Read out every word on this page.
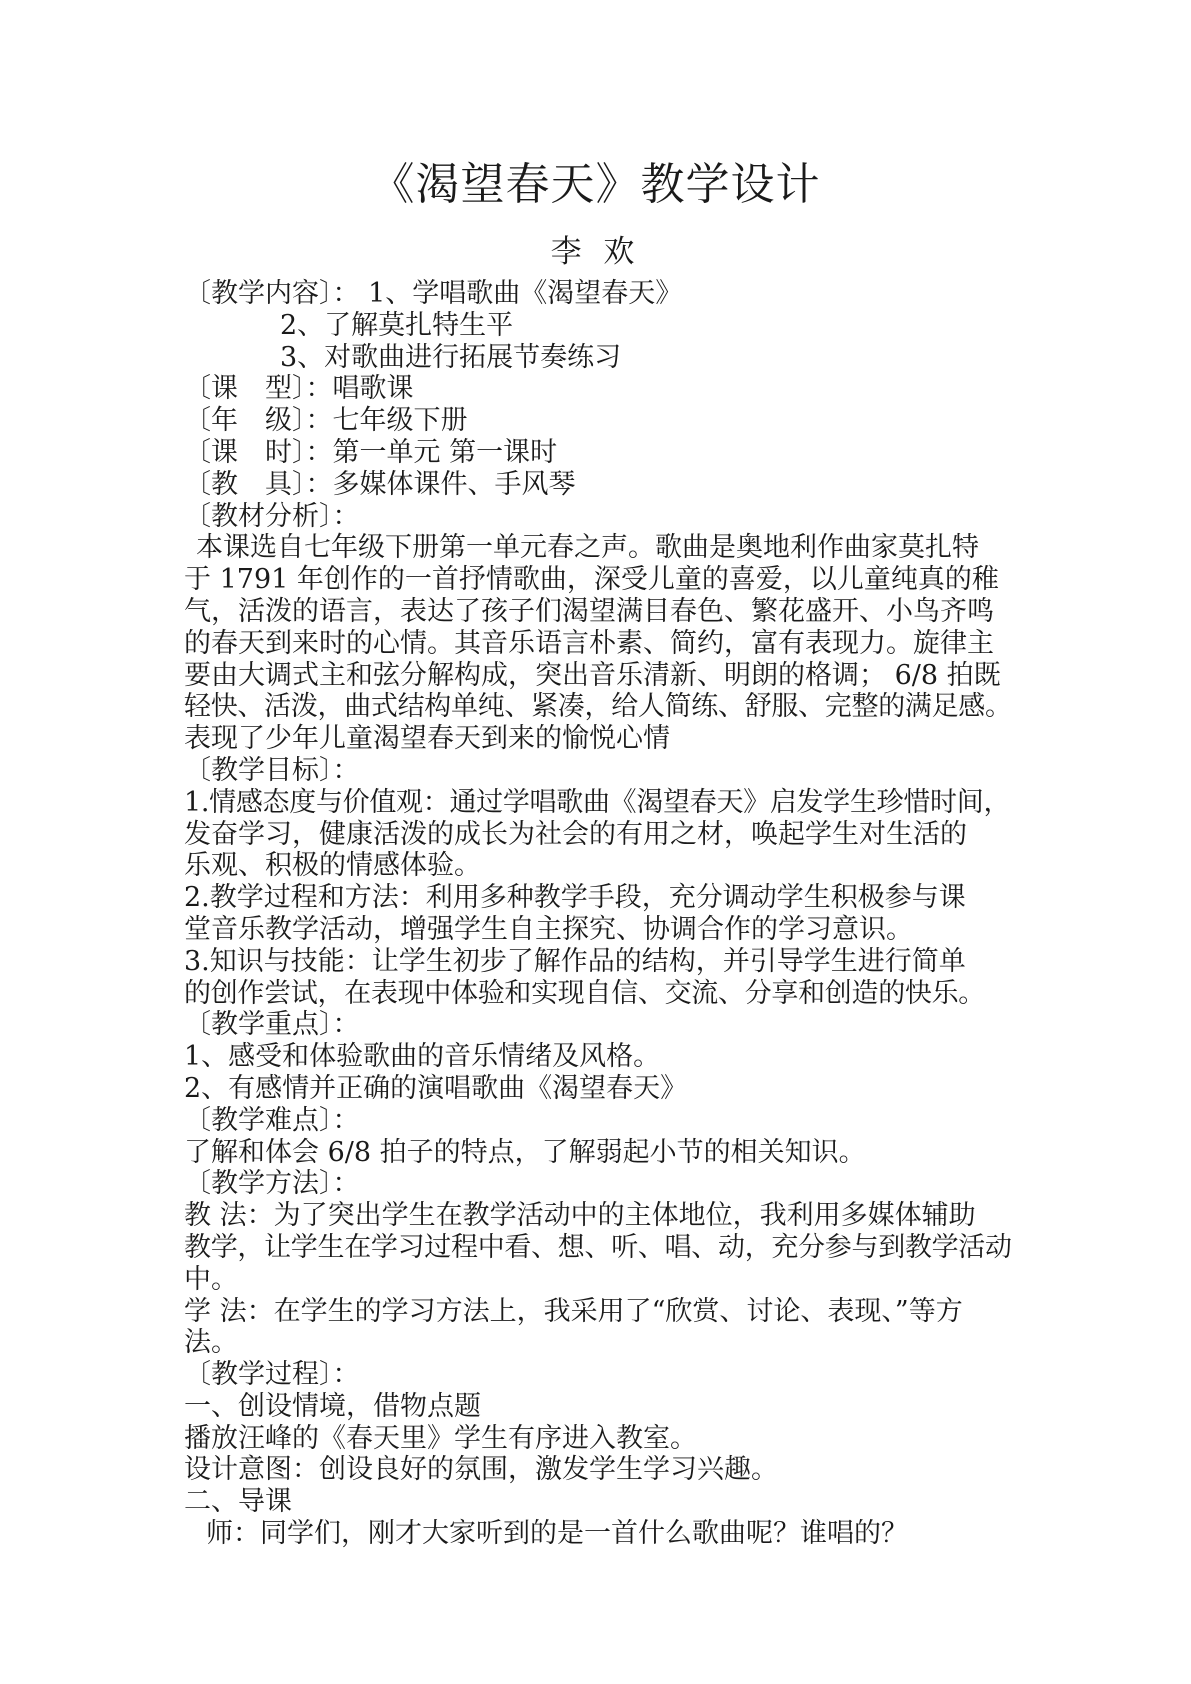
《渴望春天》教学设计
李 欢
〔教学内容〕： 1、学唱歌曲《渴望春天》
2、了解莫扎特生平
3、对歌曲进行拓展节奏练习
〔课　型〕：唱歌课
〔年　级〕：七年级下册
〔课　时〕：第一单元 第一课时
〔教　具〕：多媒体课件、手风琴
〔教材分析〕：
本课选自七年级下册第一单元春之声。歌曲是奥地利作曲家莫扎特
于 1791 年创作的一首抒情歌曲，深受儿童的喜爱，以儿童纯真的稚
气，活泼的语言，表达了孩子们渴望满目春色、繁花盛开、小鸟齐鸣
的春天到来时的心情。其音乐语言朴素、简约，富有表现力。旋律主
要由大调式主和弦分解构成，突出音乐清新、明朗的格调； 6/8 拍既
轻快、活泼，曲式结构单纯、紧凑，给人简练、舒服、完整的满足感。
表现了少年儿童渴望春天到来的愉悦心情
〔教学目标〕：
1.情感态度与价值观：通过学唱歌曲《渴望春天》启发学生珍惜时间，
发奋学习，健康活泼的成长为社会的有用之材，唤起学生对生活的
乐观、积极的情感体验。
2.教学过程和方法：利用多种教学手段，充分调动学生积极参与课
堂音乐教学活动，增强学生自主探究、协调合作的学习意识。
3.知识与技能：让学生初步了解作品的结构，并引导学生进行简单
的创作尝试，在表现中体验和实现自信、交流、分享和创造的快乐。
〔教学重点〕：
1、感受和体验歌曲的音乐情绪及风格。
2、有感情并正确的演唱歌曲《渴望春天》
〔教学难点〕：
了解和体会 6/8 拍子的特点，了解弱起小节的相关知识。
〔教学方法〕：
教 法：为了突出学生在教学活动中的主体地位，我利用多媒体辅助
教学，让学生在学习过程中看、想、听、唱、动，充分参与到教学活动
中。
学 法：在学生的学习方法上，我采用了“欣赏、讨论、表现、”等方
法。
〔教学过程〕：
一、创设情境，借物点题
播放汪峰的《春天里》学生有序进入教室。
设计意图：创设良好的氛围，激发学生学习兴趣。
二、导课
师：同学们，刚才大家听到的是一首什么歌曲呢？谁唱的？
